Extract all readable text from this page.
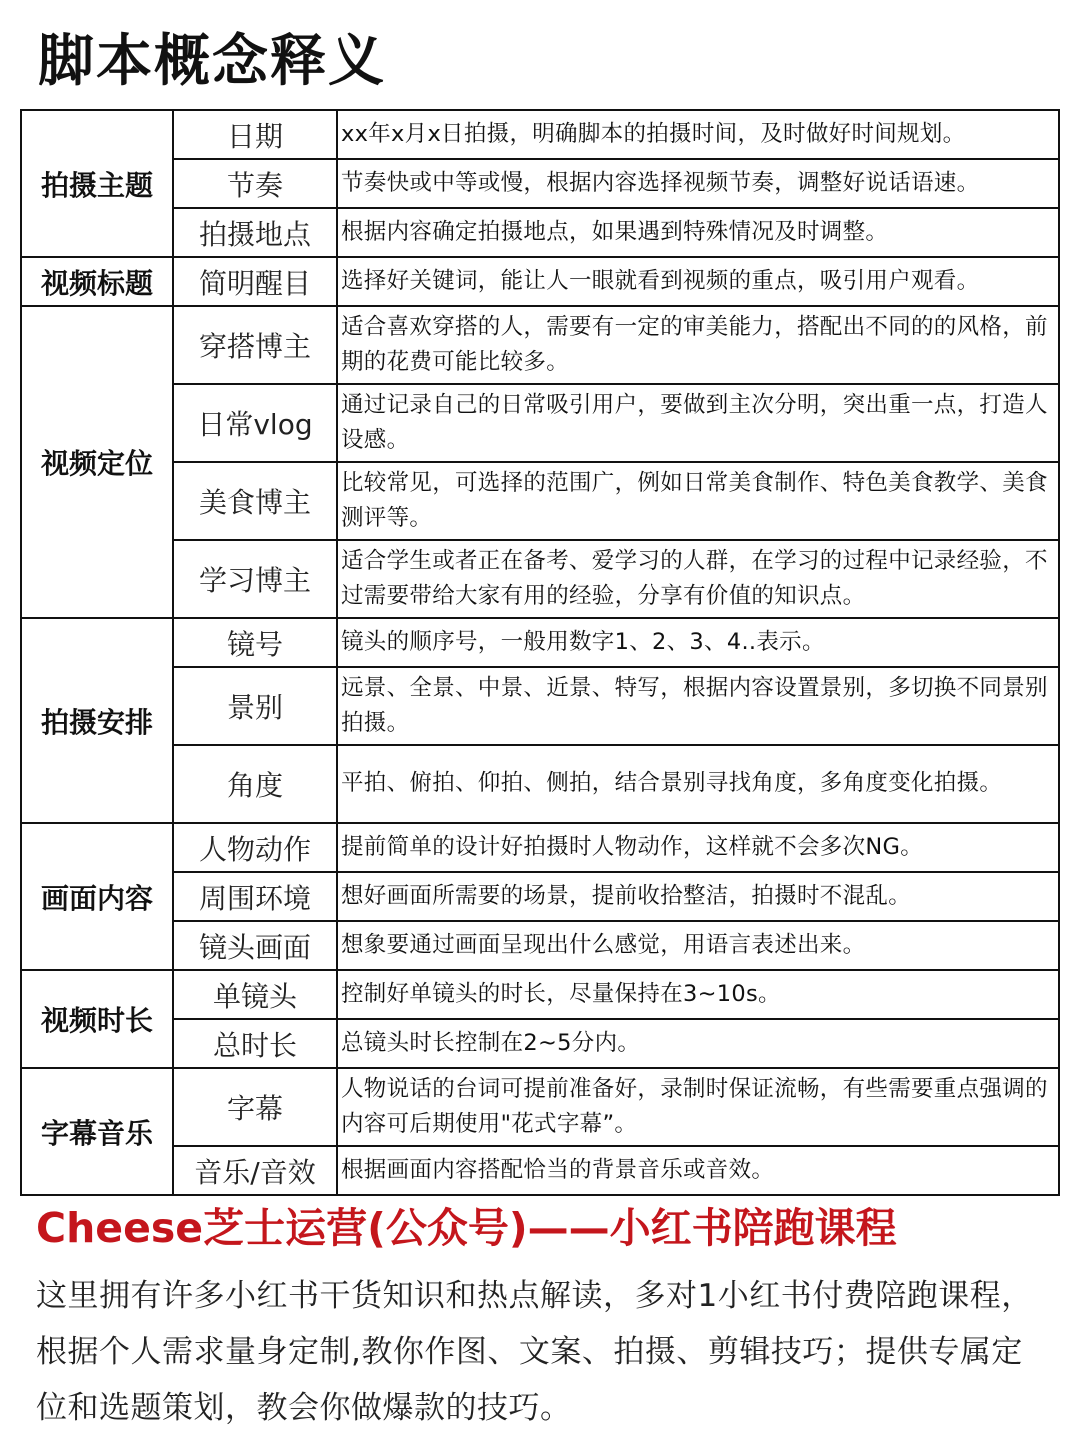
脚本概念释义
拍摄主题	日期	xx年x月x日拍摄，明确脚本的拍摄时间，及时做好时间规划。
	节奏	节奏快或中等或慢，根据内容选择视频节奏，调整好说话语速。
	拍摄地点	根据内容确定拍摄地点，如果遇到特殊情况及时调整。
视频标题	简明醒目	选择好关键词，能让人一眼就看到视频的重点，吸引用户观看。
视频定位	穿搭博主	适合喜欢穿搭的人，需要有一定的审美能力，搭配出不同的的风格，前期的花费可能比较多。
	日常vlog	通过记录自己的日常吸引用户，要做到主次分明，突出重一点，打造人设感。
	美食博主	比较常见，可选择的范围广，例如日常美食制作、特色美食教学、美食测评等。
	学习博主	适合学生或者正在备考、爱学习的人群，在学习的过程中记录经验，不过需要带给大家有用的经验，分享有价值的知识点。
拍摄安排	镜号	镜头的顺序号，一般用数字1、2、3、4..表示。
	景别	远景、全景、中景、近景、特写，根据内容设置景别，多切换不同景别拍摄。
	角度	平拍、俯拍、仰拍、侧拍，结合景别寻找角度，多角度变化拍摄。
画面内容	人物动作	提前简单的设计好拍摄时人物动作，这样就不会多次NG。
	周围环境	想好画面所需要的场景，提前收拾整洁，拍摄时不混乱。
	镜头画面	想象要通过画面呈现出什么感觉，用语言表述出来。
视频时长	单镜头	控制好单镜头的时长，尽量保持在3~10s。
	总时长	总镜头时长控制在2~5分内。
字幕音乐	字幕	人物说话的台词可提前准备好，录制时保证流畅，有些需要重点强调的内容可后期使用"花式字幕”。
	音乐/音效	根据画面内容搭配恰当的背景音乐或音效。
Cheese芝士运营(公众号)——小红书陪跑课程
这里拥有许多小红书干货知识和热点解读，多对1小红书付费陪跑课程，根据个人需求量身定制,教你作图、文案、拍摄、剪辑技巧；提供专属定位和选题策划，教会你做爆款的技巧。
